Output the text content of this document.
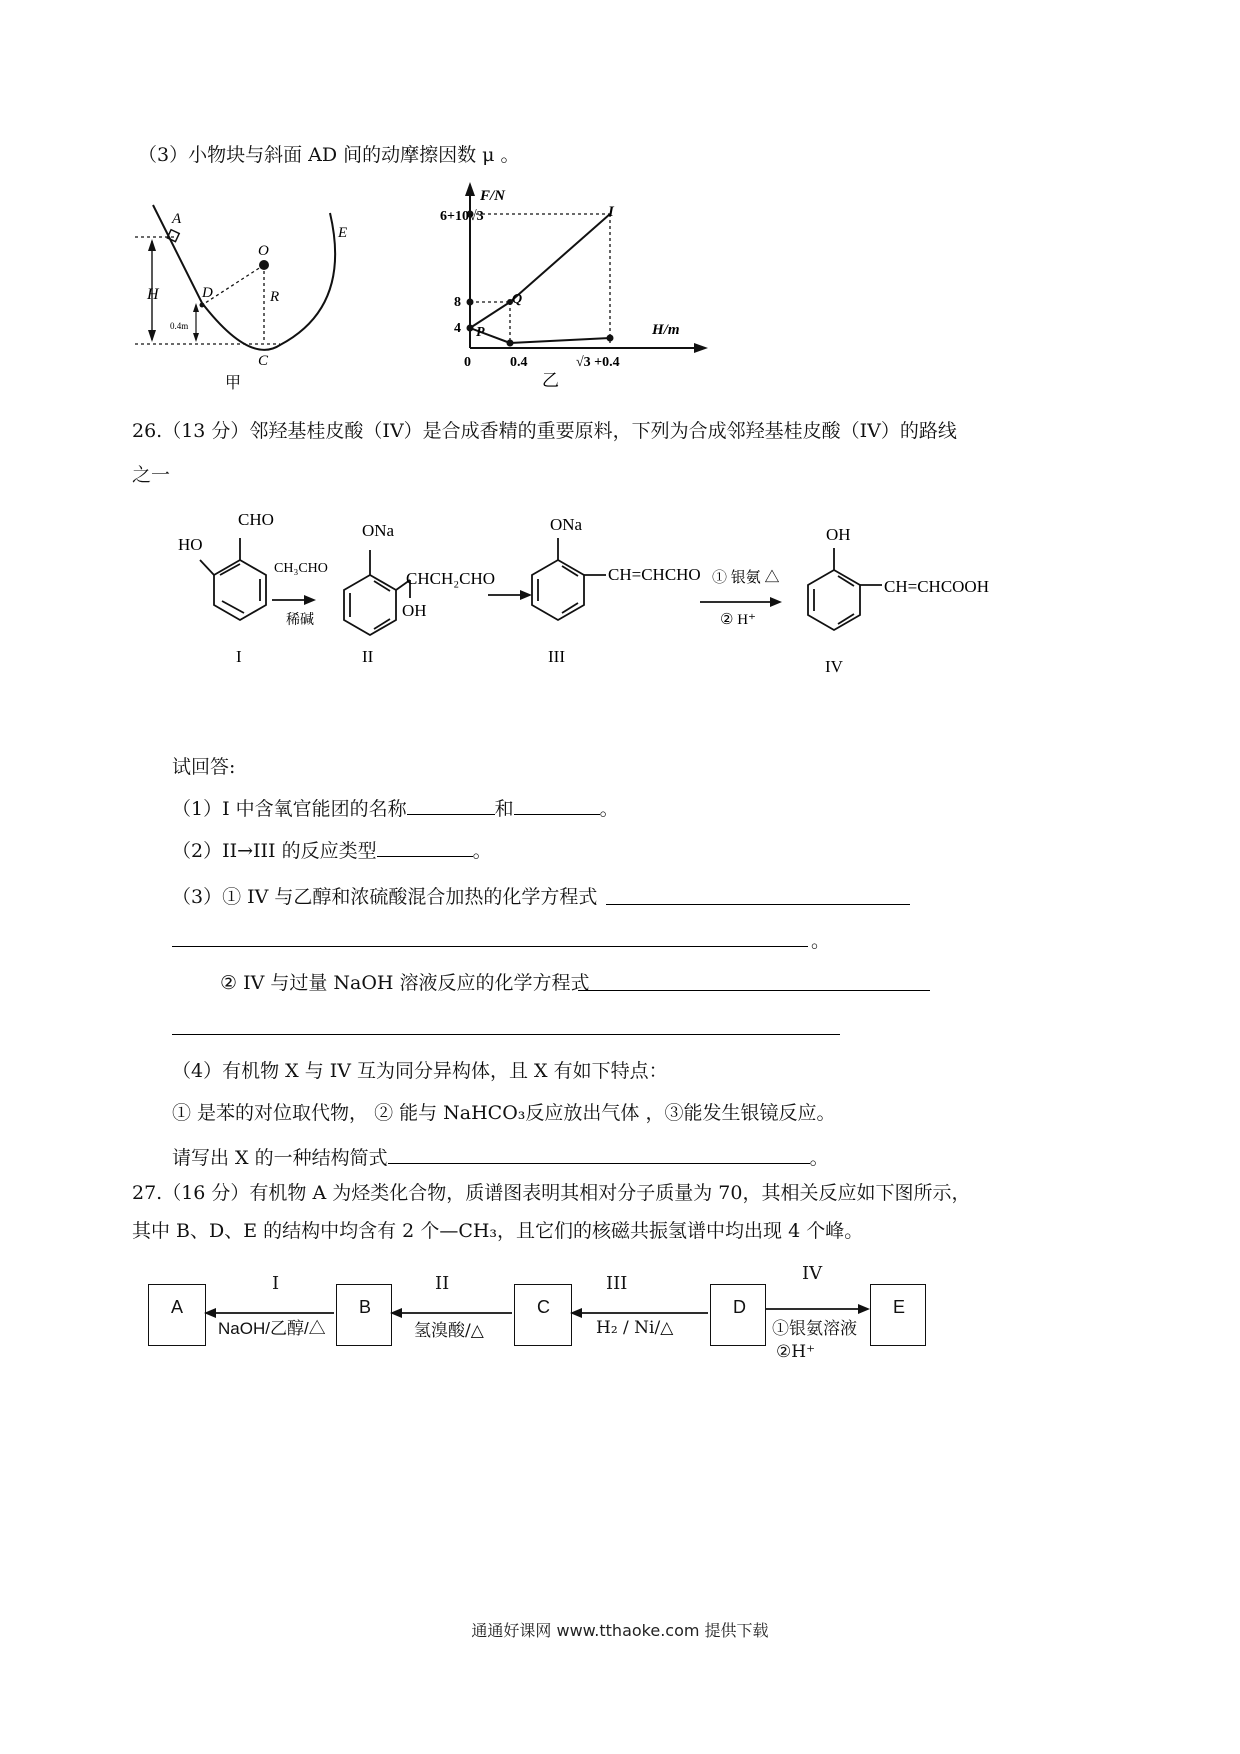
（3）小物块与斜面 AD 间的动摩擦因数 μ 。
A
D
O
R
E
H
C
0.4m
甲
F/N
H/m
6+10√3
8
4
0	0.4	√3 +0.4
P
Q
I
乙
26.（13 分）邻羟基桂皮酸（IV）是合成香精的重要原料，下列为合成邻羟基桂皮酸（IV）的路线
之一
CHO
HO
CH₃CHO
稀碱
ONa
CHCH₂CHO
OH
ONa
CH=CHCHO ① 银氨 △
② H⁺
OH
CH=CHCOOH
I	II	III
IV
试回答:
（1）I 中含氧官能团的名称	和	。
（2）II→III 的反应类型	。
（3）① IV 与乙醇和浓硫酸混合加热的化学方程式
。
② IV 与过量 NaOH 溶液反应的化学方程式
（4）有机物 X 与 IV 互为同分异构体，且 X 有如下特点：
① 是苯的对位取代物， ② 能与 NaHCO₃反应放出气体 ，③能发生银镜反应。
请写出 X 的一种结构简式	。
27.（16 分）有机物 A 为烃类化合物，质谱图表明其相对分子质量为 70，其相关反应如下图所示，
其中 B、D、E 的结构中均含有 2 个—CH₃，且它们的核磁共振氢谱中均出现 4 个峰。
A	B	C	D	E
I	II	III	IV
NaOH/乙醇/△	氢溴酸/△	H₂ / Ni/△	①银氨溶液
②H⁺
通通好课网 www.tthaoke.com 提供下载
